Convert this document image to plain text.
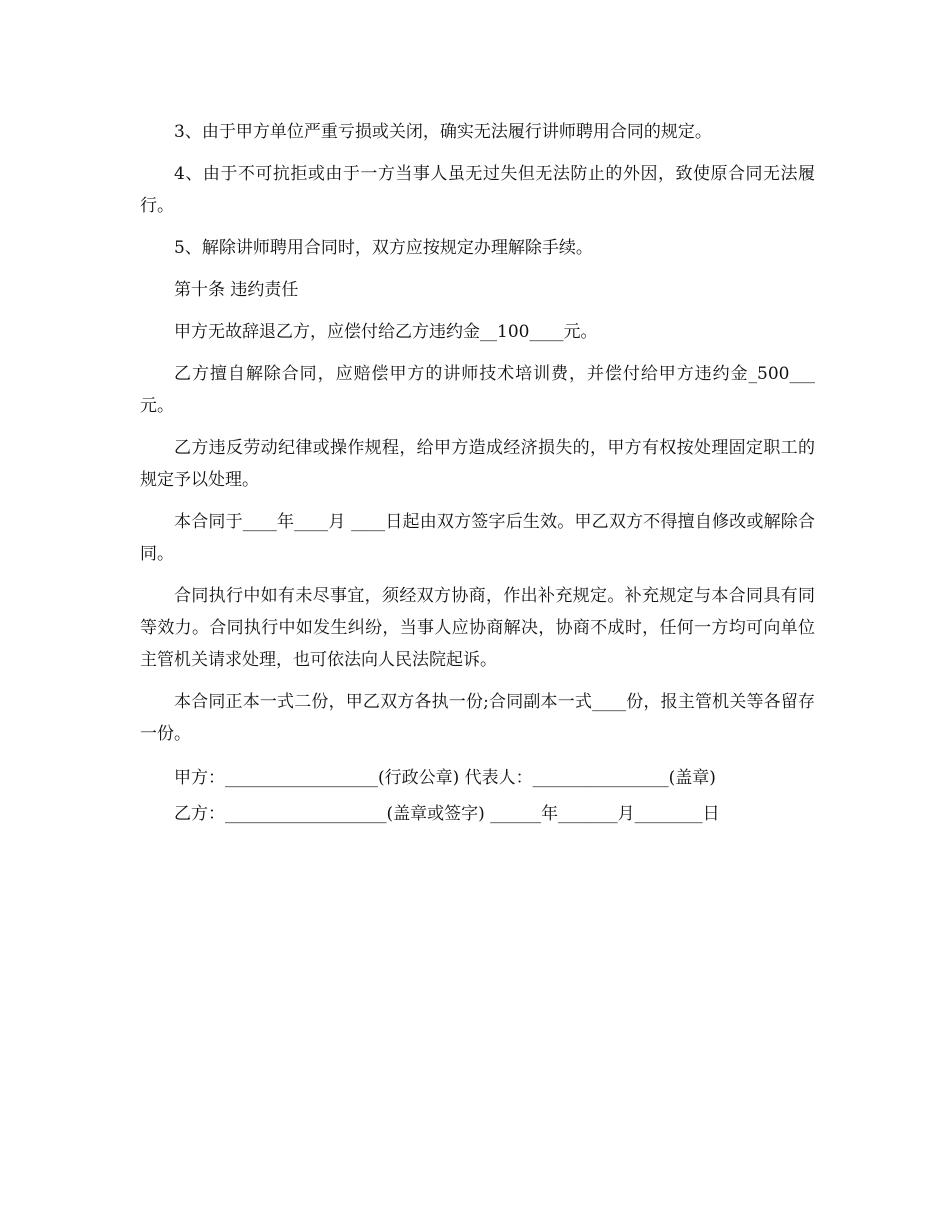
3、由于甲方单位严重亏损或关闭，确实无法履行讲师聘用合同的规定。

4、由于不可抗拒或由于一方当事人虽无过失但无法防止的外因，致使原合同无法履行。

5、解除讲师聘用合同时，双方应按规定办理解除手续。

第十条 违约责任

甲方无故辞退乙方，应偿付给乙方违约金__100____元。

乙方擅自解除合同，应赔偿甲方的讲师技术培训费，并偿付给甲方违约金_500___元。

乙方违反劳动纪律或操作规程，给甲方造成经济损失的，甲方有权按处理固定职工的规定予以处理。

本合同于____年____月 ____日起由双方签字后生效。甲乙双方不得擅自修改或解除合同。

合同执行中如有未尽事宜，须经双方协商，作出补充规定。补充规定与本合同具有同等效力。合同执行中如发生纠纷，当事人应协商解决，协商不成时，任何一方均可向单位主管机关请求处理，也可依法向人民法院起诉。

本合同正本一式二份，甲乙双方各执一份;合同副本一式____份，报主管机关等各留存一份。

甲方：__________________(行政公章) 代表人：________________(盖章)

乙方：___________________(盖章或签字) ______年_______月________日
